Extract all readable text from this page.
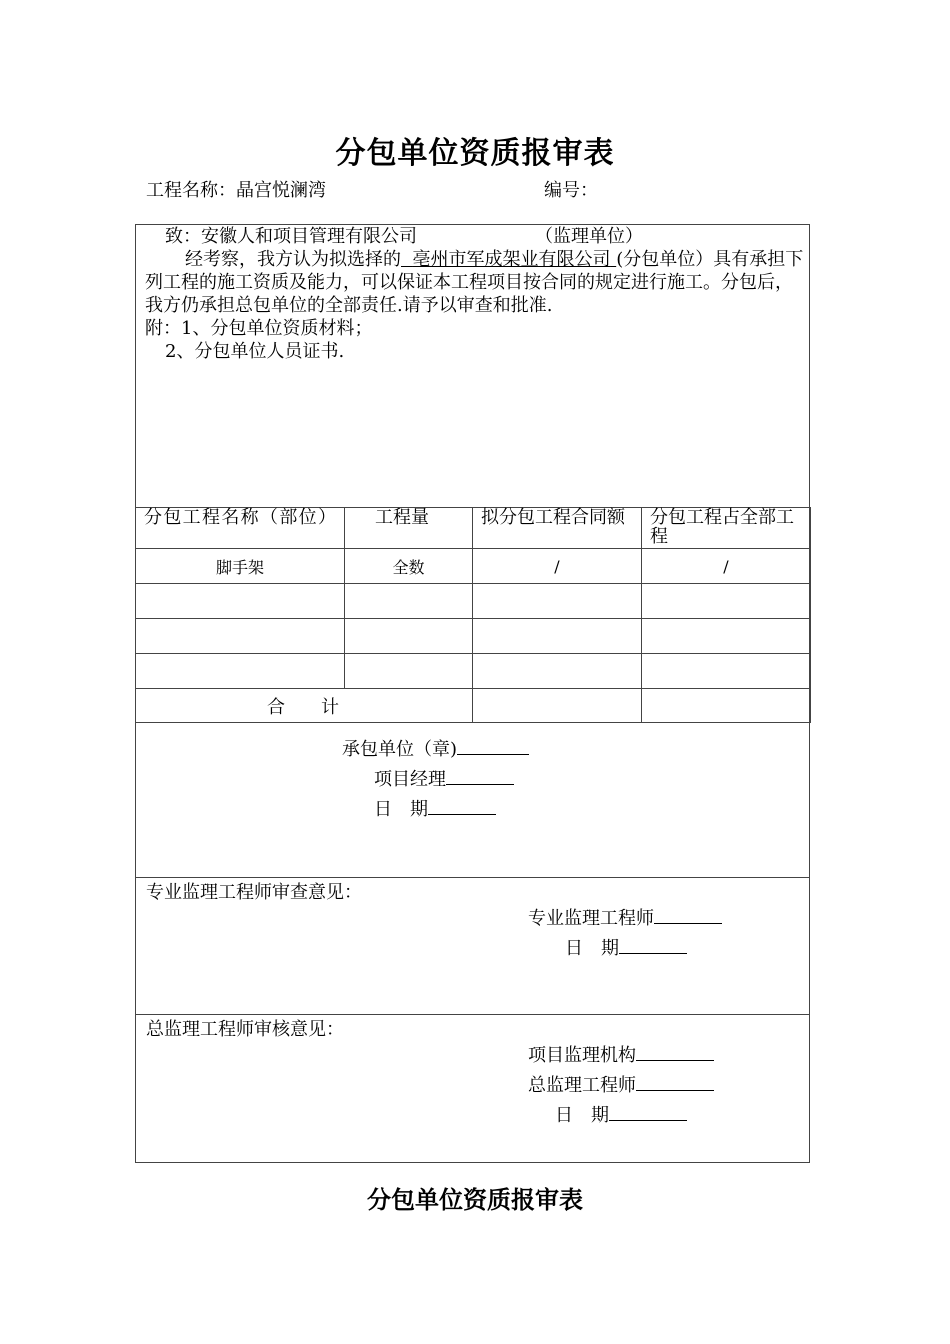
分包单位资质报审表
工程名称：晶宫悦澜湾	编号：
致：安徽人和项目管理有限公司	（监理单位）
经考察，我方认为拟选择的 亳州市军成架业有限公司 (分包单位）具有承担下列工程的施工资质及能力，可以保证本工程项目按合同的规定进行施工。分包后，我方仍承担总包单位的全部责任.请予以审查和批准.
附：1、分包单位资质材料；
2、分包单位人员证书.
分包工程名称（部位）	工程量	拟分包工程合同额	分包工程占全部工程
脚手架	全数	/	/

合　　计			
承包单位（章)
项目经理
日　期
专业监理工程师审查意见：
专业监理工程师
日　期
总监理工程师审核意见：
项目监理机构
总监理工程师
日　期
分包单位资质报审表
